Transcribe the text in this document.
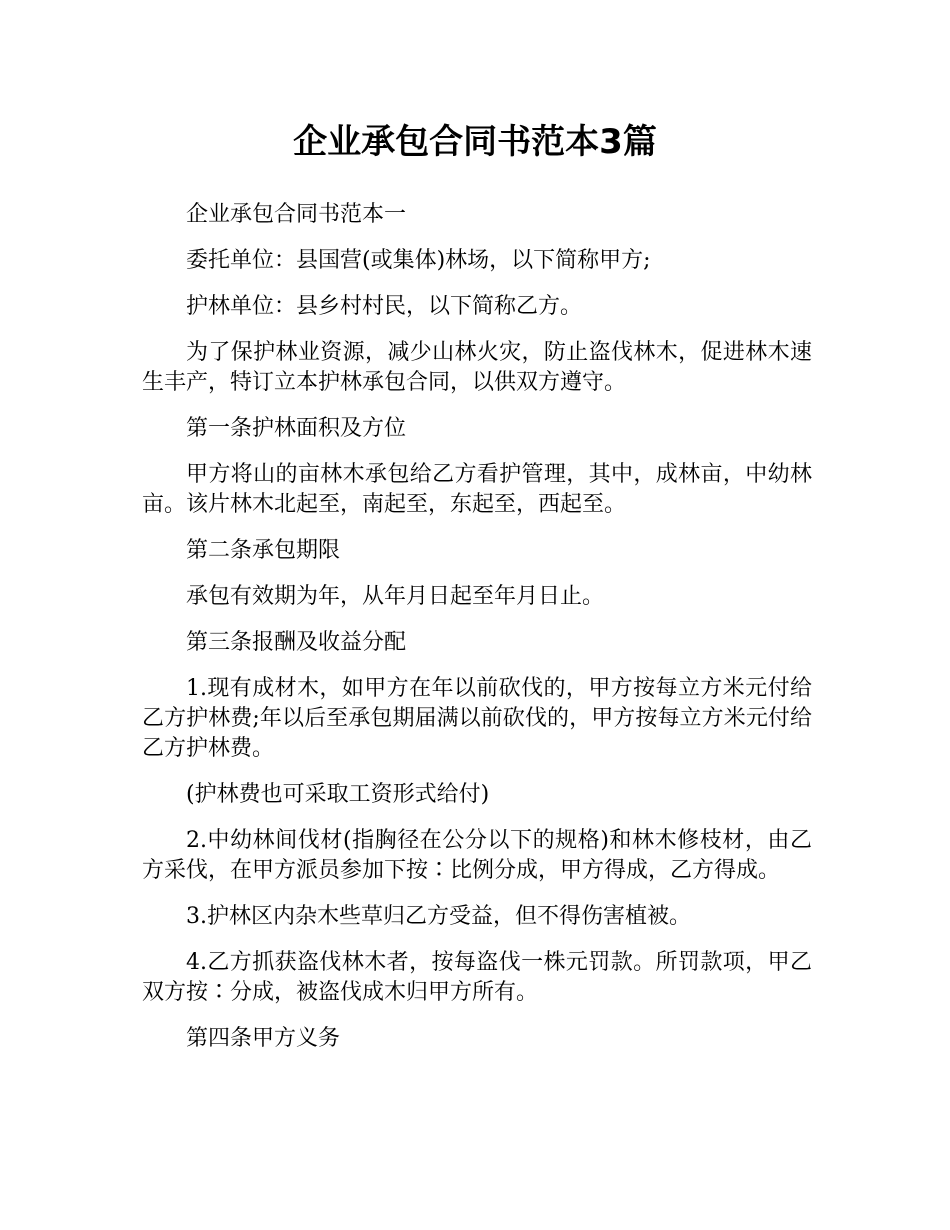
企业承包合同书范本3篇

企业承包合同书范本一

委托单位：县国营(或集体)林场，以下简称甲方;

护林单位：县乡村村民，以下简称乙方。

为了保护林业资源，减少山林火灾，防止盗伐林木，促进林木速生丰产，特订立本护林承包合同，以供双方遵守。

第一条护林面积及方位

甲方将山的亩林木承包给乙方看护管理，其中，成林亩，中幼林亩。该片林木北起至，南起至，东起至，西起至。

第二条承包期限

承包有效期为年，从年月日起至年月日止。

第三条报酬及收益分配

1.现有成材木，如甲方在年以前砍伐的，甲方按每立方米元付给乙方护林费;年以后至承包期届满以前砍伐的，甲方按每立方米元付给乙方护林费。

(护林费也可采取工资形式给付)

2.中幼林间伐材(指胸径在公分以下的规格)和林木修枝材，由乙方采伐，在甲方派员参加下按∶比例分成，甲方得成，乙方得成。

3.护林区内杂木些草归乙方受益，但不得伤害植被。

4.乙方抓获盗伐林木者，按每盗伐一株元罚款。所罚款项，甲乙双方按∶分成，被盗伐成木归甲方所有。

第四条甲方义务
